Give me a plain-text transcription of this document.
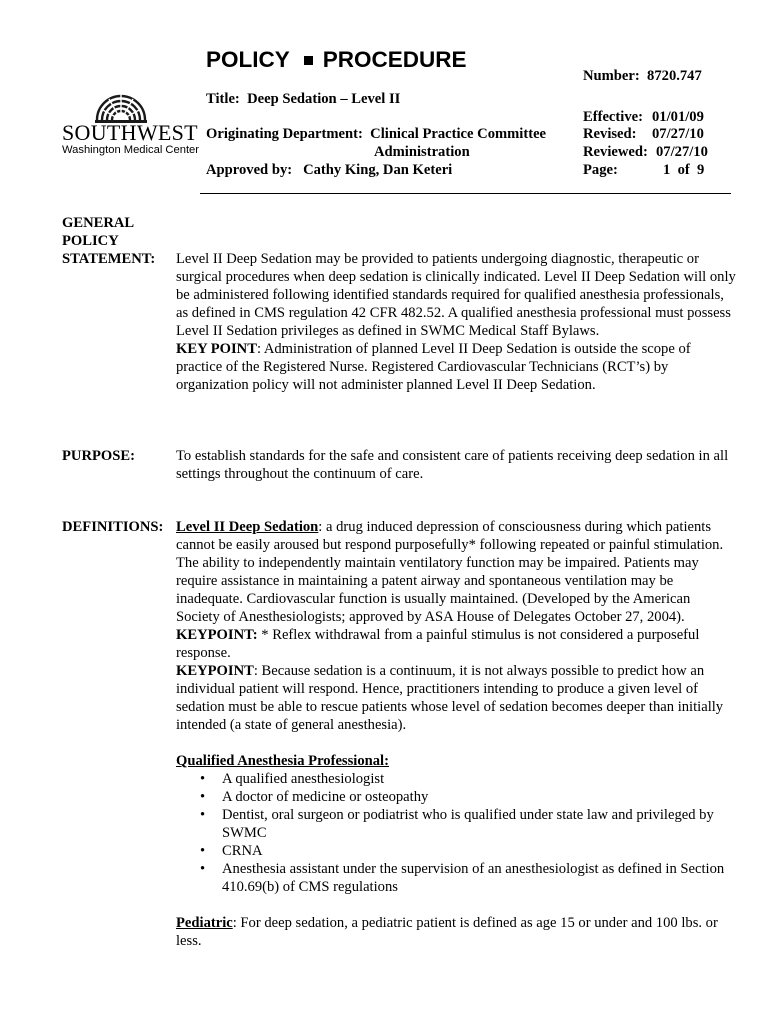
SOUTHWEST
Washington Medical Center
POLICY PROCEDURE
Title: Deep Sedation – Level II
Originating Department: Clinical Practice Committee
Administration
Approved by: Cathy King, Dan Keteri
Number: 8720.747
Effective: 01/01/09
Revised: 07/27/10
Reviewed: 07/27/10
Page:	1  of  9
GENERAL
POLICY
STATEMENT: Level II Deep Sedation may be provided to patients undergoing diagnostic, therapeutic or surgical procedures when deep sedation is clinically indicated. Level II Deep Sedation will only be administered following identified standards required for qualified anesthesia professionals, as defined in CMS regulation 42 CFR 482.52. A qualified anesthesia professional must possess Level II Sedation privileges as defined in SWMC Medical Staff Bylaws.

KEY POINT: Administration of planned Level II Deep Sedation is outside the scope of practice of the Registered Nurse. Registered Cardiovascular Technicians (RCT’s) by organization policy will not administer planned Level II Deep Sedation.

PURPOSE:	To establish standards for the safe and consistent care of patients receiving deep sedation in all settings throughout the continuum of care.

DEFINITIONS: Level II Deep Sedation: a drug induced depression of consciousness during which patients cannot be easily aroused but respond purposefully* following repeated or painful stimulation. The ability to independently maintain ventilatory function may be impaired. Patients may require assistance in maintaining a patent airway and spontaneous ventilation may be inadequate. Cardiovascular function is usually maintained. (Developed by the American Society of Anesthesiologists; approved by ASA House of Delegates October 27, 2004).

KEYPOINT: * Reflex withdrawal from a painful stimulus is not considered a purposeful response.

KEYPOINT: Because sedation is a continuum, it is not always possible to predict how an individual patient will respond. Hence, practitioners intending to produce a given level of sedation must be able to rescue patients whose level of sedation becomes deeper than initially intended (a state of general anesthesia).

Qualified Anesthesia Professional:

• A qualified anesthesiologist
• A doctor of medicine or osteopathy
• Dentist, oral surgeon or podiatrist who is qualified under state law and privileged by SWMC
• CRNA
• Anesthesia assistant under the supervision of an anesthesiologist as defined in Section 410.69(b) of CMS regulations

Pediatric: For deep sedation, a pediatric patient is defined as age 15 or under and 100 lbs. or less.
